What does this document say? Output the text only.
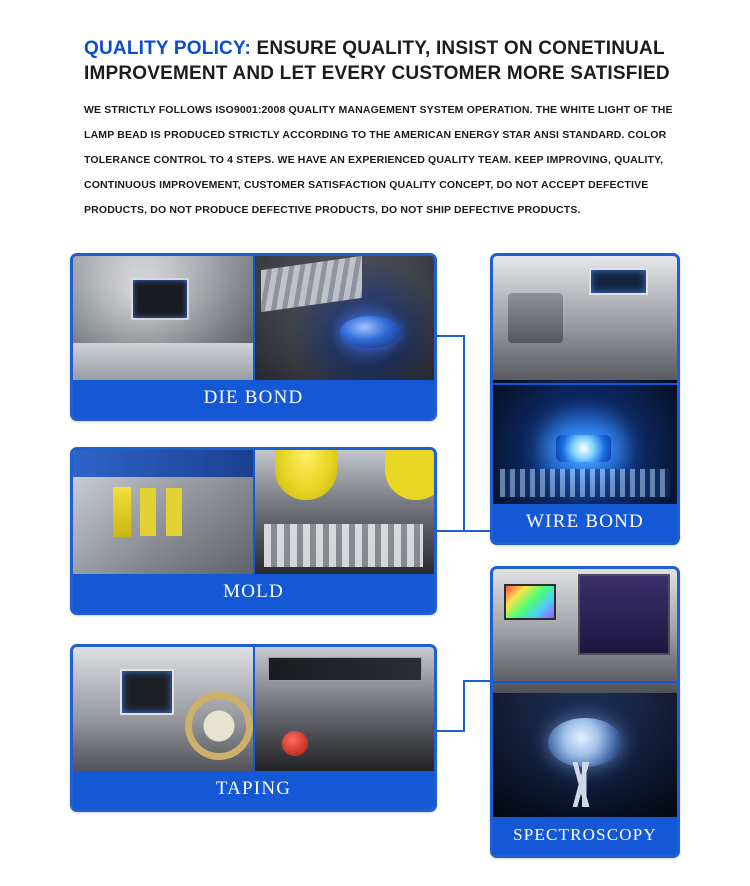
QUALITY POLICY: ENSURE QUALITY, INSIST ON CONETINUAL IMPROVEMENT AND LET EVERY CUSTOMER MORE SATISFIED

WE STRICTLY FOLLOWS ISO9001:2008 QUALITY MANAGEMENT SYSTEM OPERATION. THE WHITE LIGHT OF THE LAMP BEAD IS PRODUCED STRICTLY ACCORDING TO THE AMERICAN ENERGY STAR ANSI STANDARD. COLOR TOLERANCE CONTROL TO 4 STEPS. WE HAVE AN EXPERIENCED QUALITY TEAM. KEEP IMPROVING, QUALITY, CONTINUOUS IMPROVEMENT, CUSTOMER SATISFACTION QUALITY CONCEPT, DO NOT ACCEPT DEFECTIVE PRODUCTS, DO NOT PRODUCE DEFECTIVE PRODUCTS, DO NOT SHIP DEFECTIVE PRODUCTS.

DIE BOND
MOLD
TAPING
WIRE BOND
SPECTROSCOPY
